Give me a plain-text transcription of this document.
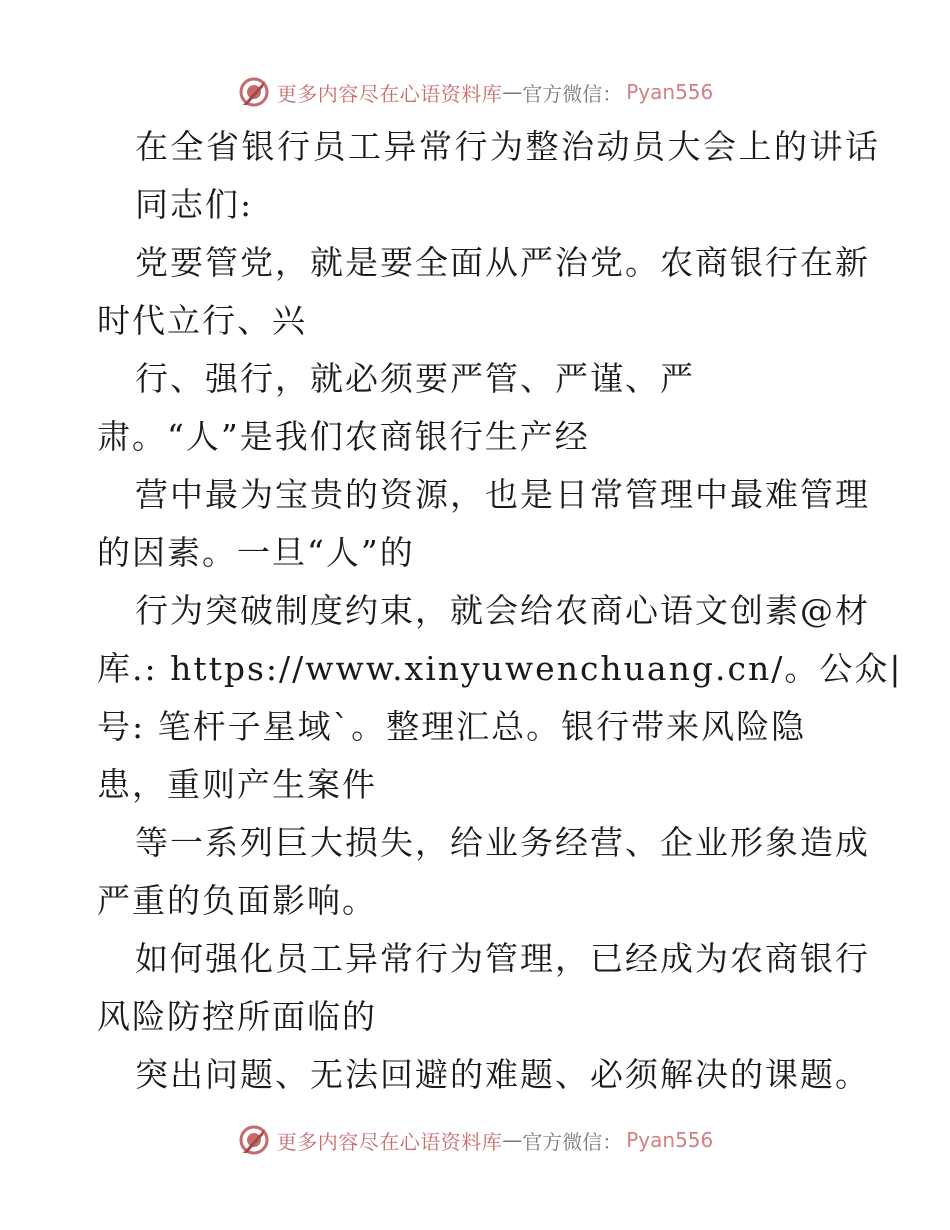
更多内容尽在心语资料库 — 官方微信： Pyan556
在全省银行员工异常行为整治动员大会上的讲话
同志们:
党要管党，就是要全面从严治党。农商银行在新
时代立行、兴
行、强行，就必须要严管、严谨、严
肃。“人”是我们农商银行生产经
营中最为宝贵的资源，也是日常管理中最难管理
的因素。一旦“人”的
行为突破制度约束，就会给农商心语文创素@材
库.: https://www.xinyuwenchuang.cn/。公众|
号: 笔杆子星域`。整理汇总。银行带来风险隐
患，重则产生案件
等一系列巨大损失，给业务经营、企业形象造成
严重的负面影响。
如何强化员工异常行为管理，已经成为农商银行
风险防控所面临的
突出问题、无法回避的难题、必须解决的课题。
更多内容尽在心语资料库 — 官方微信： Pyan556
